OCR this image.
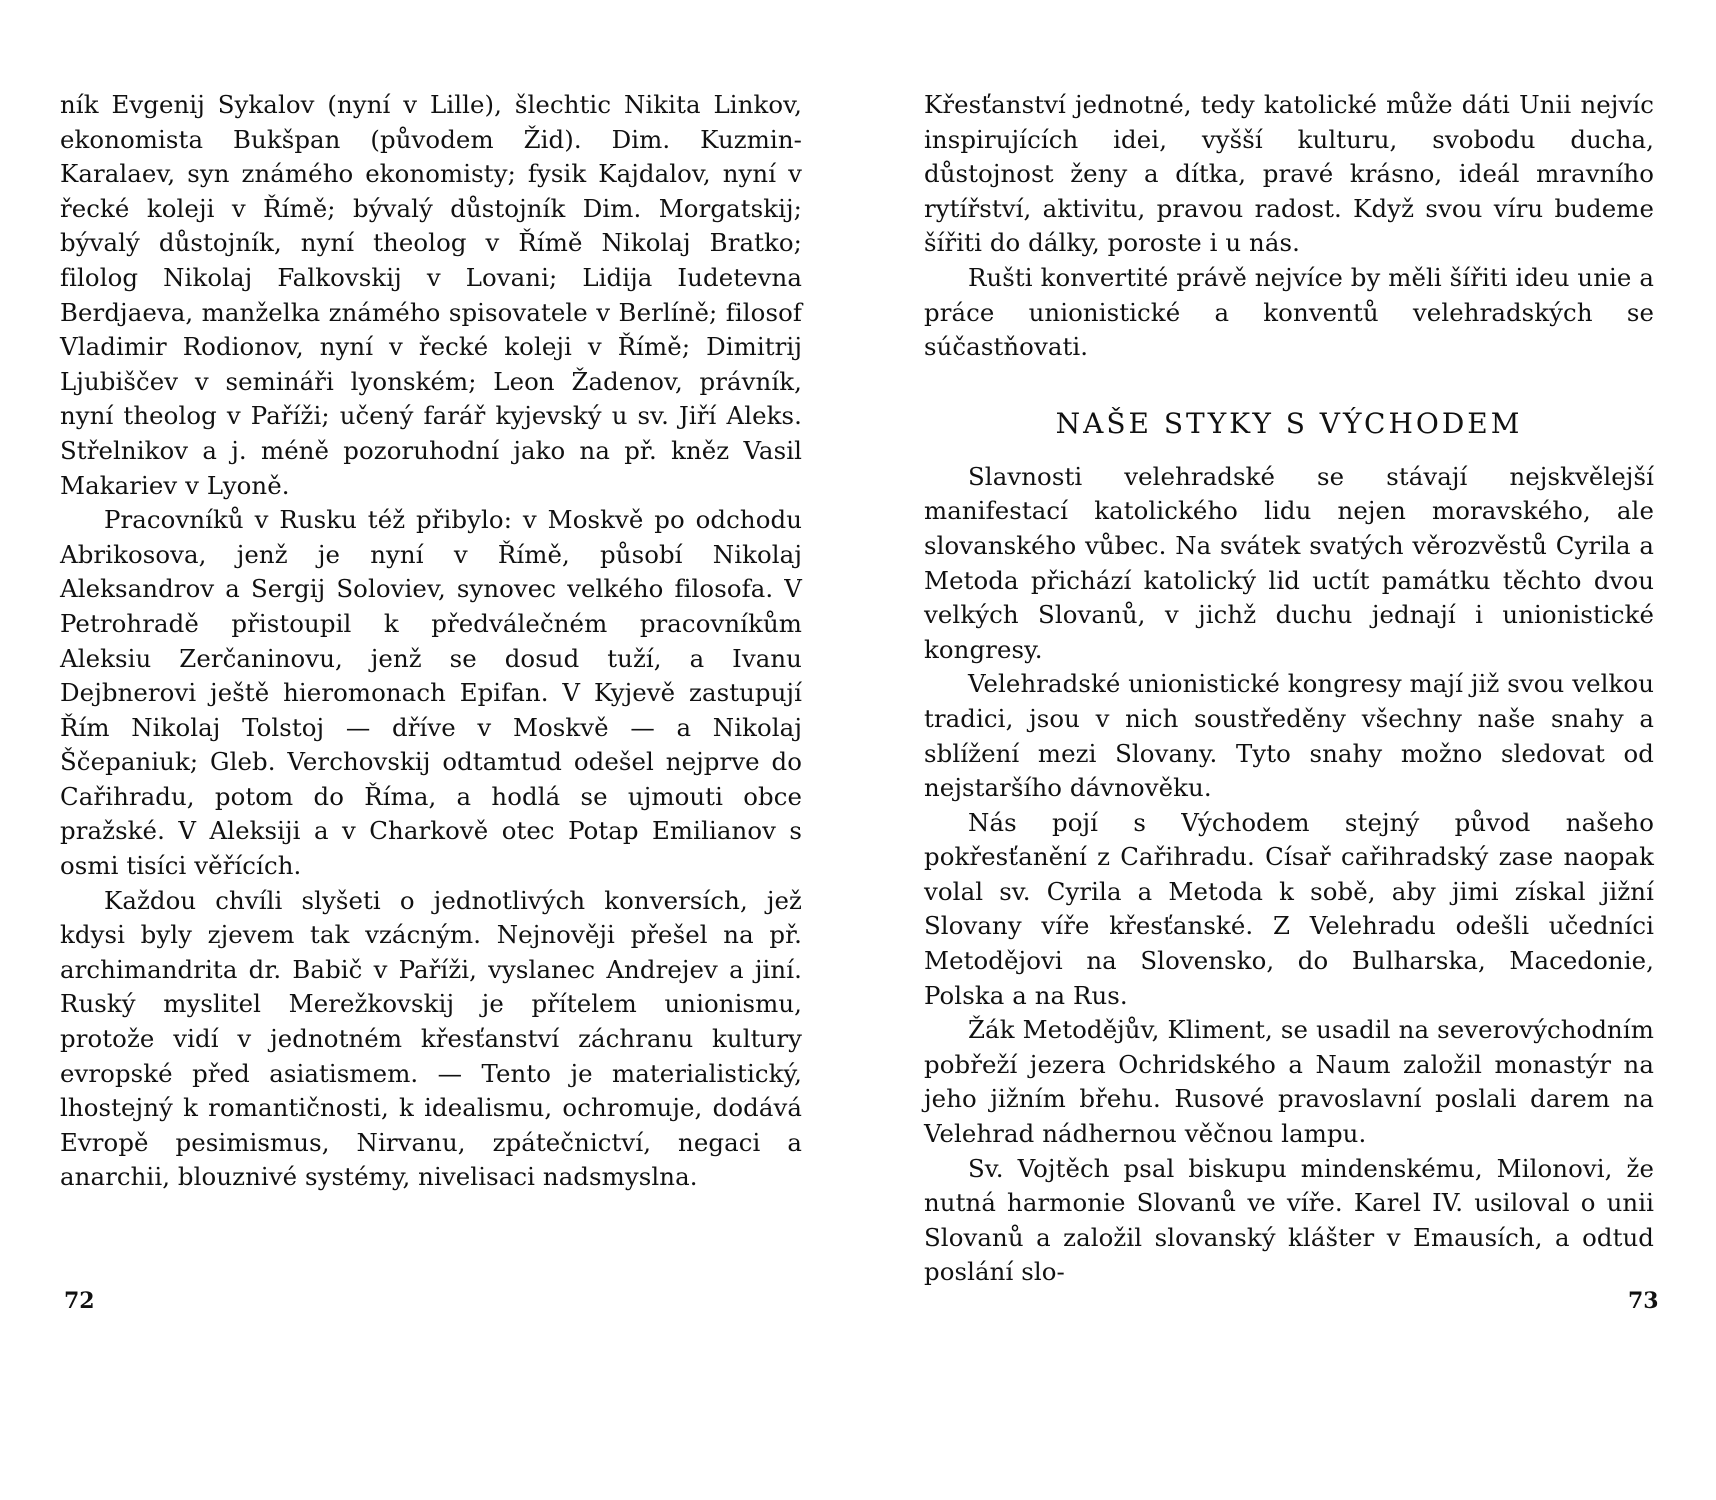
ník Evgenij Sykalov (nyní v Lille), šlechtic Nikita Linkov, ekonomista Bukšpan (původem Žid). Dim. Kuzmin-Karalaev, syn známého ekonomisty; fysik Kajdalov, nyní v řecké koleji v Římě; bývalý důstojník Dim. Morgatskij; bývalý důstojník, nyní theolog v Římě Nikolaj Bratko; filolog Nikolaj Falkovskij v Lovani; Lidija Iudetevna Berdjaeva, manželka známého spisovatele v Berlíně; filosof Vladimir Rodionov, nyní v řecké koleji v Římě; Dimitrij Ljubiščev v semináři lyonském; Leon Žadenov, právník, nyní theolog v Paříži; učený farář kyjevský u sv. Jiří Aleks. Střelnikov a j. méně pozoruhodní jako na př. kněz Vasil Makariev v Lyoně.

Pracovníků v Rusku též přibylo: v Moskvě po odchodu Abrikosova, jenž je nyní v Římě, působí Nikolaj Aleksandrov a Sergij Soloviev, synovec velkého filosofa. V Petrohradě přistoupil k předválečném pracovníkům Aleksiu Zerčaninovu, jenž se dosud tuží, a Ivanu Dejbnerovi ještě hieromonach Epifan. V Kyjevě zastupují Řím Nikolaj Tolstoj — dříve v Moskvě — a Nikolaj Ščepaniuk; Gleb. Verchovskij odtamtud odešel nejprve do Cařihradu, potom do Říma, a hodlá se ujmouti obce pražské. V Aleksiji a v Charkově otec Potap Emilianov s osmi tisíci věřících.

Každou chvíli slyšeti o jednotlivých konversích, jež kdysi byly zjevem tak vzácným. Nejnověji přešel na př. archimandrita dr. Babič v Paříži, vyslanec Andrejev a jiní. Ruský myslitel Merežkovskij je přítelem unionismu, protože vidí v jednotném křesťanství záchranu kultury evropské před asiatismem. — Tento je materialistický, lhostejný k romantičnosti, k idealismu, ochromuje, dodává Evropě pesimismus, Nirvanu, zpátečnictví, negaci a anarchii, blouznivé systémy, nivelisaci nadsmyslna.

72

Křesťanství jednotné, tedy katolické může dáti Unii nejvíc inspirujících idei, vyšší kulturu, svobodu ducha, důstojnost ženy a dítka, pravé krásno, ideál mravního rytířství, aktivitu, pravou radost. Když svou víru budeme šířiti do dálky, poroste i u nás.

Rušti konvertité právě nejvíce by měli šířiti ideu unie a práce unionistické a konventů velehradských se súčastňovati.

NAŠE STYKY S VÝCHODEM

Slavnosti velehradské se stávají nejskvělejší manifestací katolického lidu nejen moravského, ale slovanského vůbec. Na svátek svatých věrozvěstů Cyrila a Metoda přichází katolický lid uctít památku těchto dvou velkých Slovanů, v jichž duchu jednají i unionistické kongresy.

Velehradské unionistické kongresy mají již svou velkou tradici, jsou v nich soustředěny všechny naše snahy a sblížení mezi Slovany. Tyto snahy možno sledovat od nejstaršího dávnověku.

Nás pojí s Východem stejný původ našeho pokřesťanění z Cařihradu. Císař cařihradský zase naopak volal sv. Cyrila a Metoda k sobě, aby jimi získal jižní Slovany víře křesťanské. Z Velehradu odešli učedníci Metodějovi na Slovensko, do Bulharska, Macedonie, Polska a na Rus.

Žák Metodějův, Kliment, se usadil na severovýchodním pobřeží jezera Ochridského a Naum založil monastýr na jeho jižním břehu. Rusové pravoslavní poslali darem na Velehrad nádhernou věčnou lampu.

Sv. Vojtěch psal biskupu mindenskému, Milonovi, že nutná harmonie Slovanů ve víře. Karel IV. usiloval o unii Slovanů a založil slovanský klášter v Emausích, a odtud poslání slo-

73
